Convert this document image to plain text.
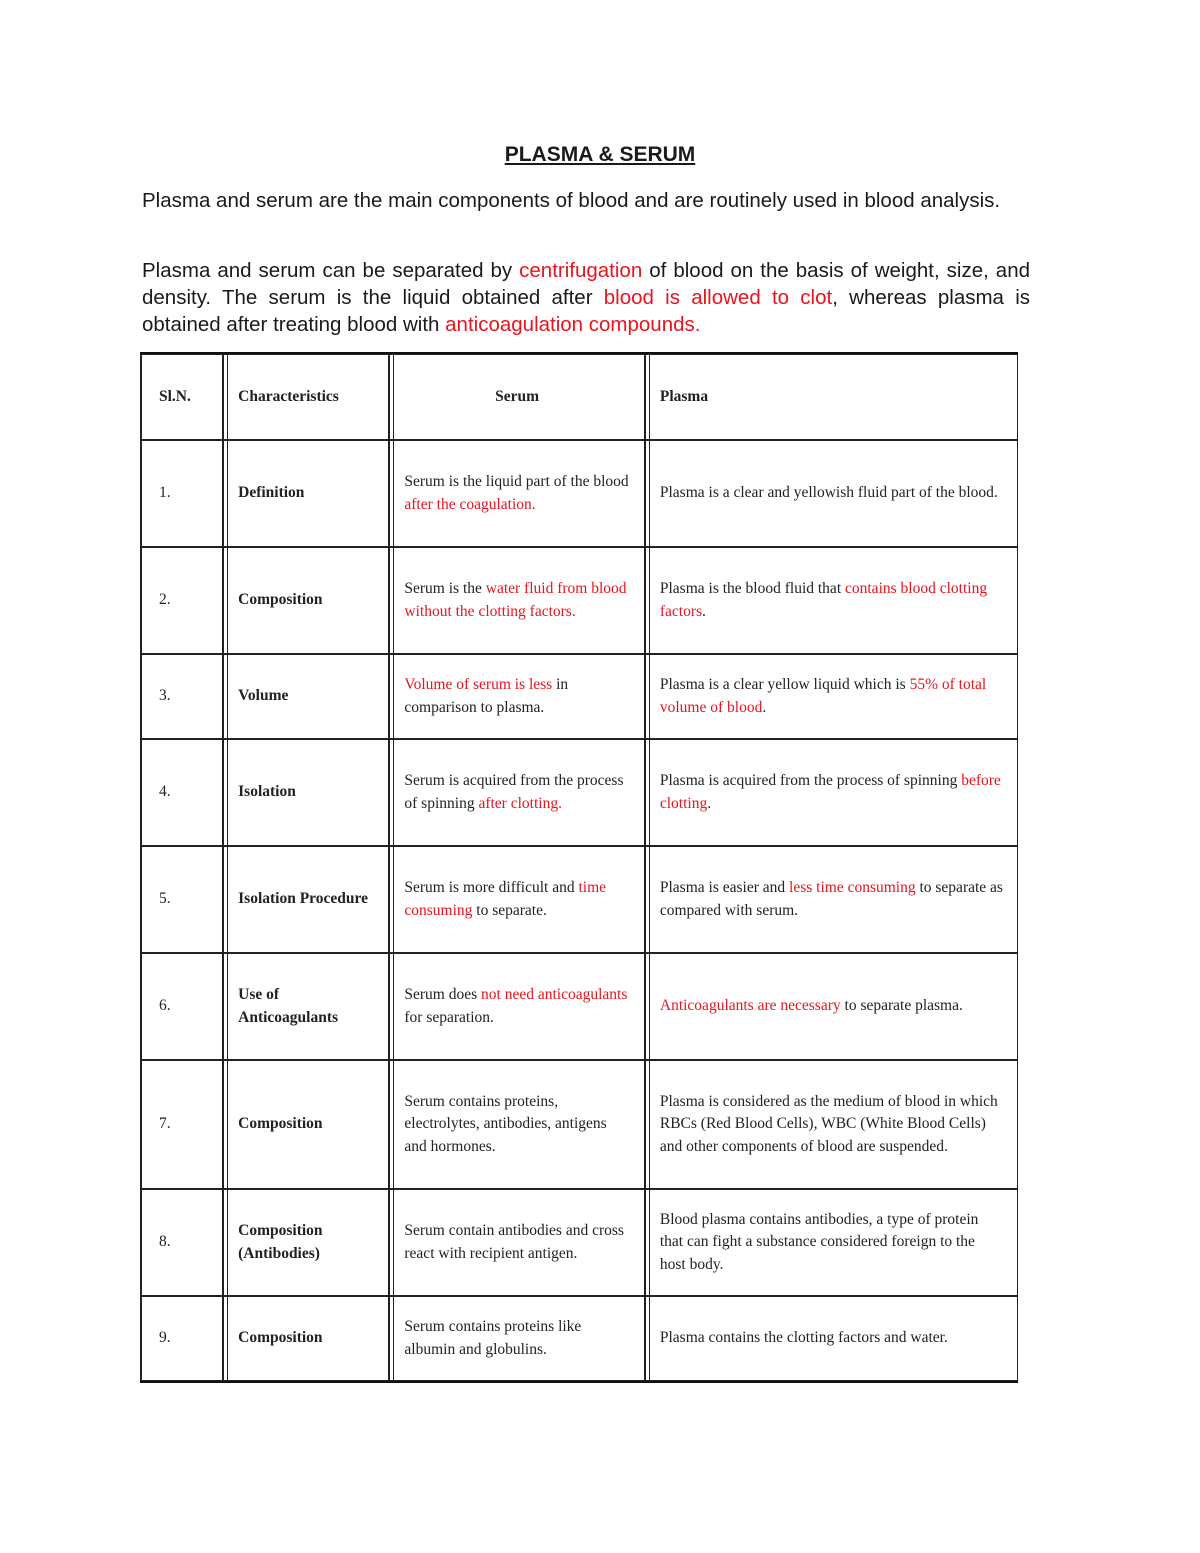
PLASMA & SERUM

Plasma and serum are the main components of blood and are routinely used in blood analysis.

Plasma and serum can be separated by centrifugation of blood on the basis of weight, size, and density. The serum is the liquid obtained after blood is allowed to clot, whereas plasma is obtained after treating blood with anticoagulation compounds.

Sl.N.	Characteristics	Serum	Plasma
1.	Definition	Serum is the liquid part of the blood after the coagulation.	Plasma is a clear and yellowish fluid part of the blood.
2.	Composition	Serum is the water fluid from blood without the clotting factors.	Plasma is the blood fluid that contains blood clotting factors.
3.	Volume	Volume of serum is less in comparison to plasma.	Plasma is a clear yellow liquid which is 55% of total volume of blood.
4.	Isolation	Serum is acquired from the process of spinning after clotting.	Plasma is acquired from the process of spinning before clotting.
5.	Isolation Procedure	Serum is more difficult and time consuming to separate.	Plasma is easier and less time consuming to separate as compared with serum.
6.	Use of Anticoagulants	Serum does not need anticoagulants for separation.	Anticoagulants are necessary to separate plasma.
7.	Composition	Serum contains proteins, electrolytes, antibodies, antigens and hormones.	Plasma is considered as the medium of blood in which RBCs (Red Blood Cells), WBC (White Blood Cells) and other components of blood are suspended.
8.	Composition (Antibodies)	Serum contain antibodies and cross react with recipient antigen.	Blood plasma contains antibodies, a type of protein that can fight a substance considered foreign to the host body.
9.	Composition	Serum contains proteins like albumin and globulins.	Plasma contains the clotting factors and water.
